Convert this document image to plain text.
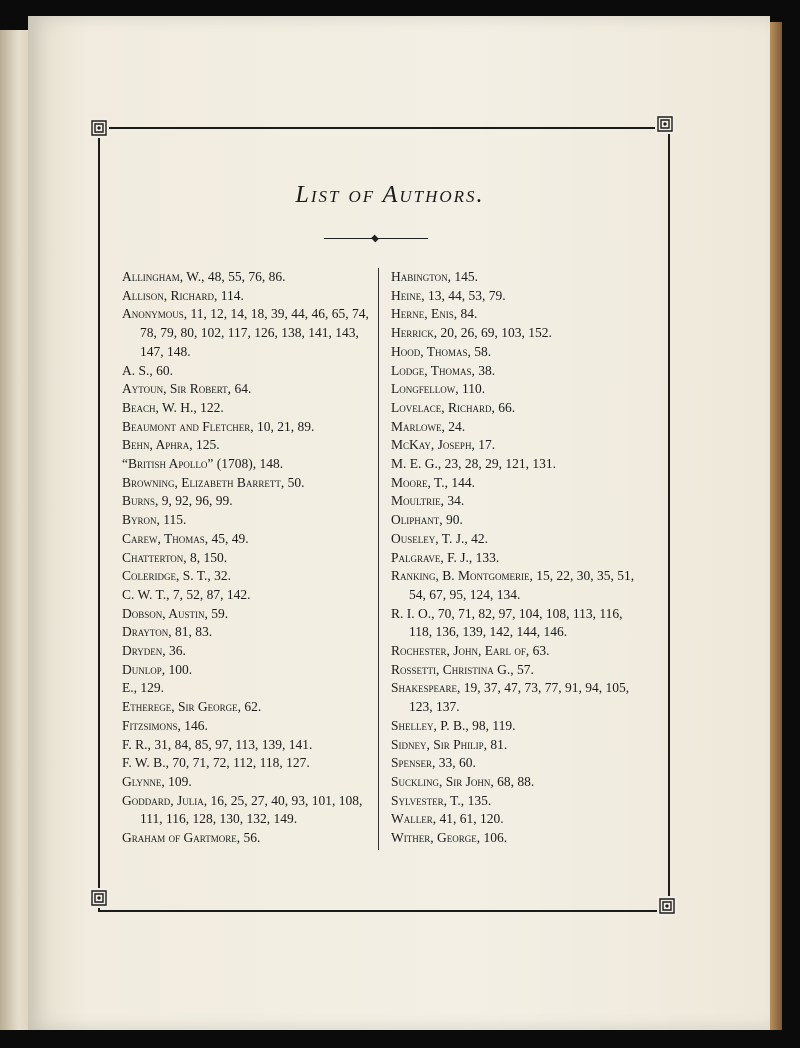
List of Authors.
Allingham, W., 48, 55, 76, 86.
Allison, Richard, 114.
Anonymous, 11, 12, 14, 18, 39, 44, 46, 65, 74, 78, 79, 80, 102, 117, 126, 138, 141, 143, 147, 148.
A. S., 60.
Aytoun, Sir Robert, 64.
Beach, W. H., 122.
Beaumont and Fletcher, 10, 21, 89.
Behn, Aphra, 125.
“British Apollo” (1708), 148.
Browning, Elizabeth Barrett, 50.
Burns, 9, 92, 96, 99.
Byron, 115.
Carew, Thomas, 45, 49.
Chatterton, 8, 150.
Coleridge, S. T., 32.
C. W. T., 7, 52, 87, 142.
Dobson, Austin, 59.
Drayton, 81, 83.
Dryden, 36.
Dunlop, 100.
E., 129.
Etherege, Sir George, 62.
Fitzsimons, 146.
F. R., 31, 84, 85, 97, 113, 139, 141.
F. W. B., 70, 71, 72, 112, 118, 127.
Glynne, 109.
Goddard, Julia, 16, 25, 27, 40, 93, 101, 108, 111, 116, 128, 130, 132, 149.
Graham of Gartmore, 56.
Habington, 145.
Heine, 13, 44, 53, 79.
Herne, Enis, 84.
Herrick, 20, 26, 69, 103, 152.
Hood, Thomas, 58.
Lodge, Thomas, 38.
Longfellow, 110.
Lovelace, Richard, 66.
Marlowe, 24.
McKay, Joseph, 17.
M. E. G., 23, 28, 29, 121, 131.
Moore, T., 144.
Moultrie, 34.
Oliphant, 90.
Ouseley, T. J., 42.
Palgrave, F. J., 133.
Ranking, B. Montgomerie, 15, 22, 30, 35, 51, 54, 67, 95, 124, 134.
R. I. O., 70, 71, 82, 97, 104, 108, 113, 116, 118, 136, 139, 142, 144, 146.
Rochester, John, Earl of, 63.
Rossetti, Christina G., 57.
Shakespeare, 19, 37, 47, 73, 77, 91, 94, 105, 123, 137.
Shelley, P. B., 98, 119.
Sidney, Sir Philip, 81.
Spenser, 33, 60.
Suckling, Sir John, 68, 88.
Sylvester, T., 135.
Waller, 41, 61, 120.
Wither, George, 106.
